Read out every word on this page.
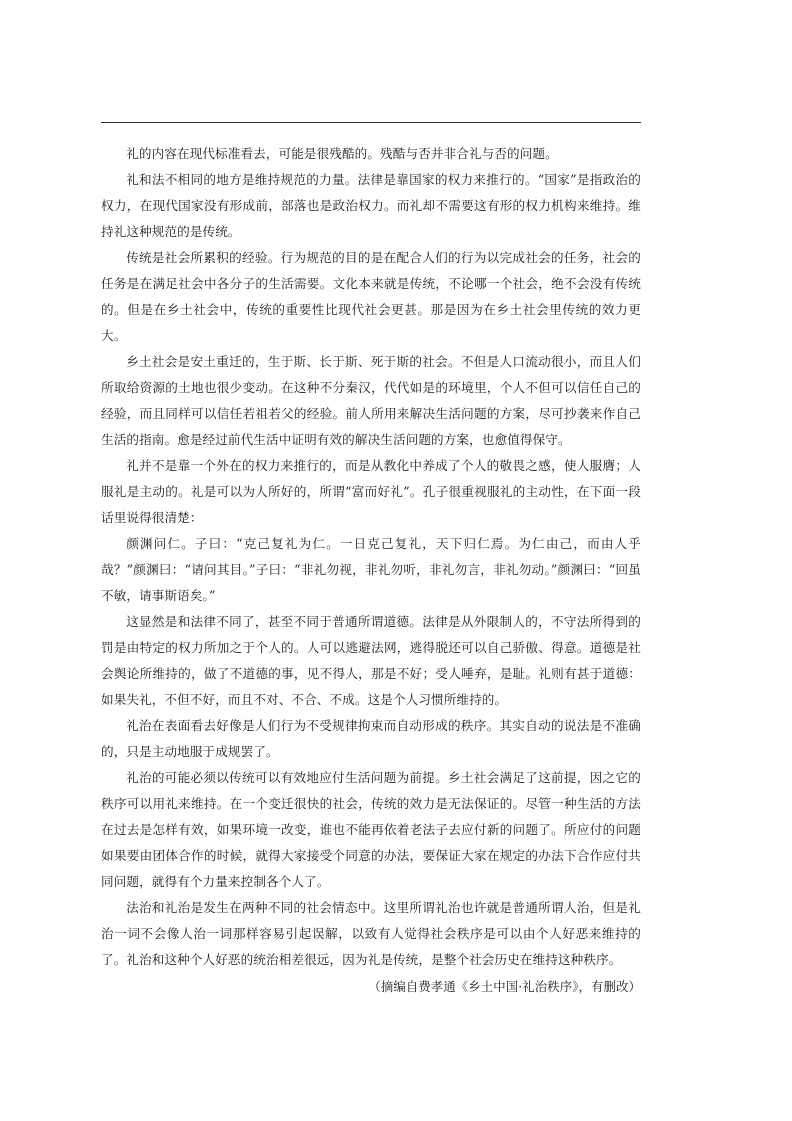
礼的内容在现代标准看去，可能是很残酷的。残酷与否并非合礼与否的问题。

礼和法不相同的地方是维持规范的力量。法律是靠国家的权力来推行的。“国家”是指政治的权力，在现代国家没有形成前，部落也是政治权力。而礼却不需要这有形的权力机构来维持。维持礼这种规范的是传统。

传统是社会所累积的经验。行为规范的目的是在配合人们的行为以完成社会的任务，社会的任务是在满足社会中各分子的生活需要。文化本来就是传统，不论哪一个社会，绝不会没有传统的。但是在乡土社会中，传统的重要性比现代社会更甚。那是因为在乡土社会里传统的效力更大。

乡土社会是安土重迁的，生于斯、长于斯、死于斯的社会。不但是人口流动很小，而且人们所取给资源的土地也很少变动。在这种不分秦汉，代代如是的环境里，个人不但可以信任自己的经验，而且同样可以信任若祖若父的经验。前人所用来解决生活问题的方案，尽可抄袭来作自己生活的指南。愈是经过前代生活中证明有效的解决生活问题的方案，也愈值得保守。

礼并不是靠一个外在的权力来推行的，而是从教化中养成了个人的敬畏之感，使人服膺；人服礼是主动的。礼是可以为人所好的，所谓“富而好礼”。孔子很重视服礼的主动性，在下面一段话里说得很清楚：

颜渊问仁。子曰：“克己复礼为仁。一日克己复礼，天下归仁焉。为仁由己，而由人乎哉？”颜渊曰：“请问其目。”子曰：“非礼勿视，非礼勿听，非礼勿言，非礼勿动。”颜渊曰：“回虽不敏，请事斯语矣。”

这显然是和法律不同了，甚至不同于普通所谓道德。法律是从外限制人的，不守法所得到的罚是由特定的权力所加之于个人的。人可以逃避法网，逃得脱还可以自己骄傲、得意。道德是社会舆论所维持的，做了不道德的事，见不得人，那是不好；受人唾弃，是耻。礼则有甚于道德：如果失礼，不但不好，而且不对、不合、不成。这是个人习惯所维持的。

礼治在表面看去好像是人们行为不受规律拘束而自动形成的秩序。其实自动的说法是不准确的，只是主动地服于成规罢了。

礼治的可能必须以传统可以有效地应付生活问题为前提。乡土社会满足了这前提，因之它的秩序可以用礼来维持。在一个变迁很快的社会，传统的效力是无法保证的。尽管一种生活的方法在过去是怎样有效，如果环境一改变，谁也不能再依着老法子去应付新的问题了。所应付的问题如果要由团体合作的时候，就得大家接受个同意的办法，要保证大家在规定的办法下合作应付共同问题，就得有个力量来控制各个人了。

法治和礼治是发生在两种不同的社会情态中。这里所谓礼治也许就是普通所谓人治，但是礼治一词不会像人治一词那样容易引起误解，以致有人觉得社会秩序是可以由个人好恶来维持的了。礼治和这种个人好恶的统治相差很远，因为礼是传统，是整个社会历史在维持这种秩序。

（摘编自费孝通《乡土中国·礼治秩序》，有删改）
